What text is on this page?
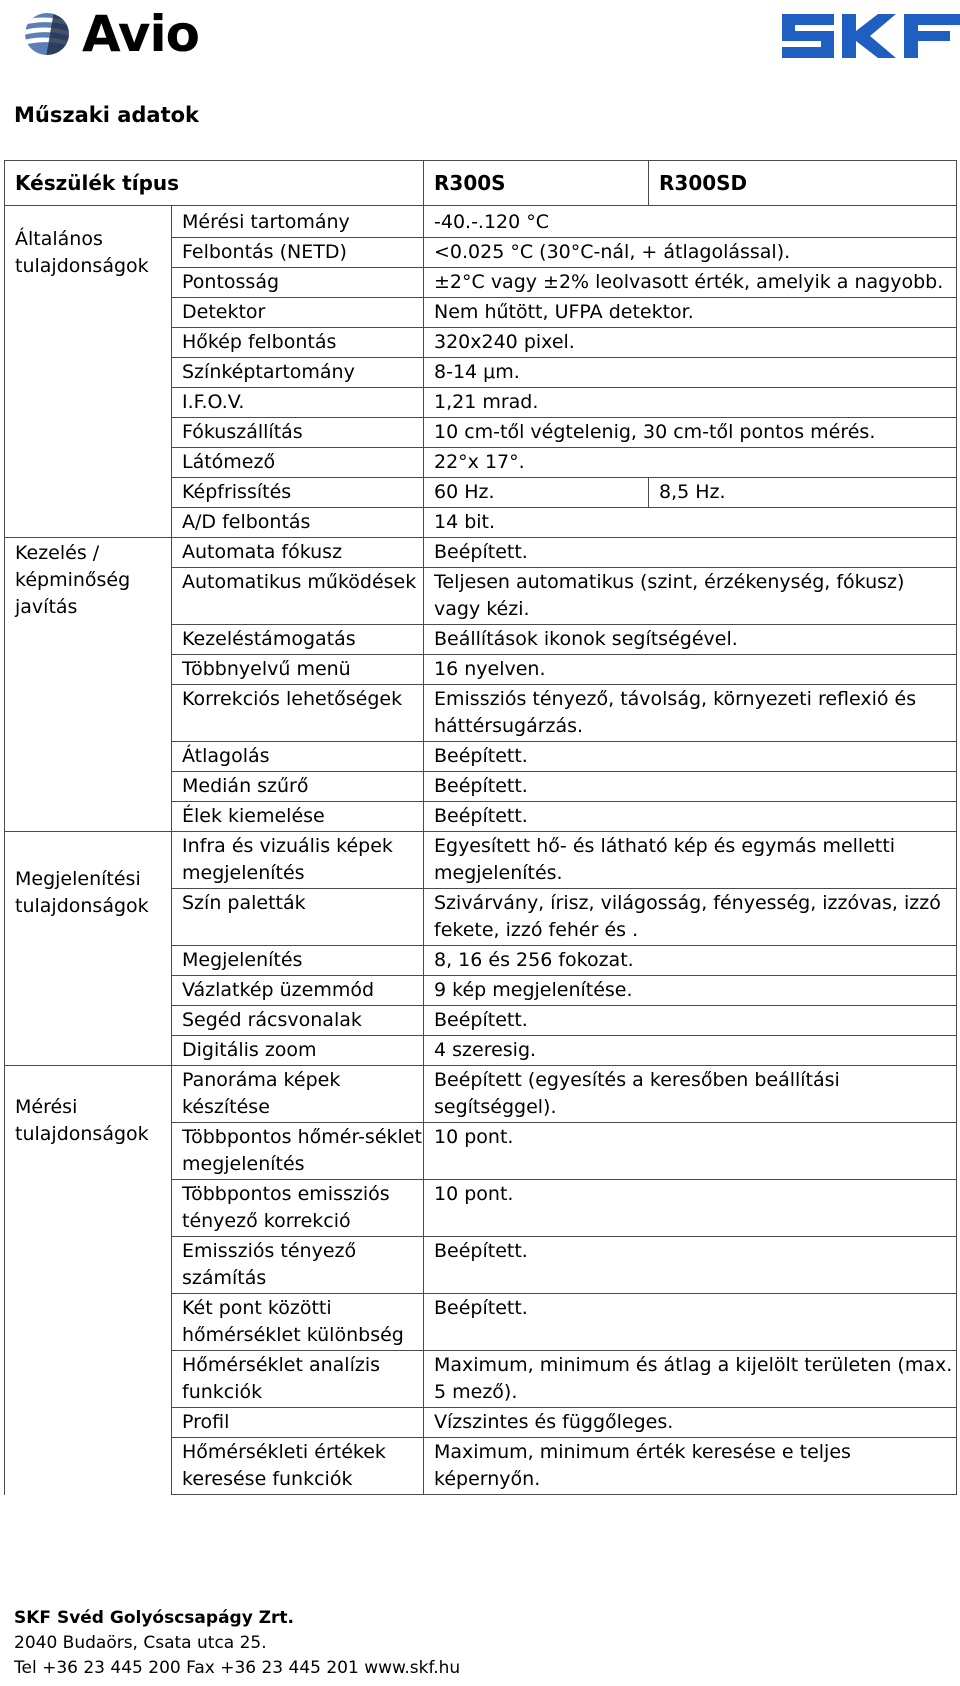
Avio
Műszaki adatok
Készülék típus		R300S	R300SD
Általános tulajdonságok	Mérési tartomány	-40.-.120 °C	
	Felbontás (NETD)	<0.025 °C (30°C-nál, + átlagolással).	
	Pontosság	±2°C vagy ±2% leolvasott érték, amelyik a nagyobb.	
	Detektor	Nem hűtött, UFPA detektor.	
	Hőkép felbontás	320x240 pixel.	
	Színképtartomány	8-14 μm.	
	I.F.O.V.	1,21 mrad.	
	Fókuszállítás	10 cm-től végtelenig, 30 cm-től pontos mérés.	
	Látómező	22°x 17°.	
	Képfrissítés	60 Hz.	8,5 Hz.
	A/D felbontás	14 bit.	
Kezelés / képminőség javítás	Automata fókusz	Beépített.	
	Automatikus működések	Teljesen automatikus (szint, érzékenység, fókusz) vagy kézi.	
	Kezeléstámogatás	Beállítások ikonok segítségével.	
	Többnyelvű menü	16 nyelven.	
	Korrekciós lehetőségek	Emissziós tényező, távolság, környezeti reflexió és háttérsugárzás.	
	Átlagolás	Beépített.	
	Medián szűrő	Beépített.	
	Élek kiemelése	Beépített.	
Megjelenítési tulajdonságok	Infra és vizuális képek megjelenítés	Egyesített hő- és látható kép és egymás melletti megjelenítés.	
	Szín paletták	Szivárvány, írisz, világosság, fényesség, izzóvas, izzó fekete, izzó fehér és .	
	Megjelenítés	8, 16 és 256 fokozat.	
	Vázlatkép üzemmód	9 kép megjelenítése.	
	Segéd rácsvonalak	Beépített.	
	Digitális zoom	4 szeresig.	
Mérési tulajdonságok	Panoráma képek készítése	Beépített (egyesítés a keresőben beállítási segítséggel).	
	Többpontos hőmér-séklet megjelenítés	10 pont.	
	Többpontos emissziós tényező korrekció	10 pont.	
	Emissziós tényező számítás	Beépített.	
	Két pont közötti hőmérséklet különbség	Beépített.	
	Hőmérséklet analízis funkciók	Maximum, minimum és átlag a kijelölt területen (max. 5 mező).	
	Profil	Vízszintes és függőleges.	
	Hőmérsékleti értékek keresése funkciók	Maximum, minimum érték keresése e teljes képernyőn.	
SKF Svéd Golyóscsapágy Zrt.
2040 Budaörs, Csata utca 25.
Tel +36 23 445 200 Fax +36 23 445 201 www.skf.hu
